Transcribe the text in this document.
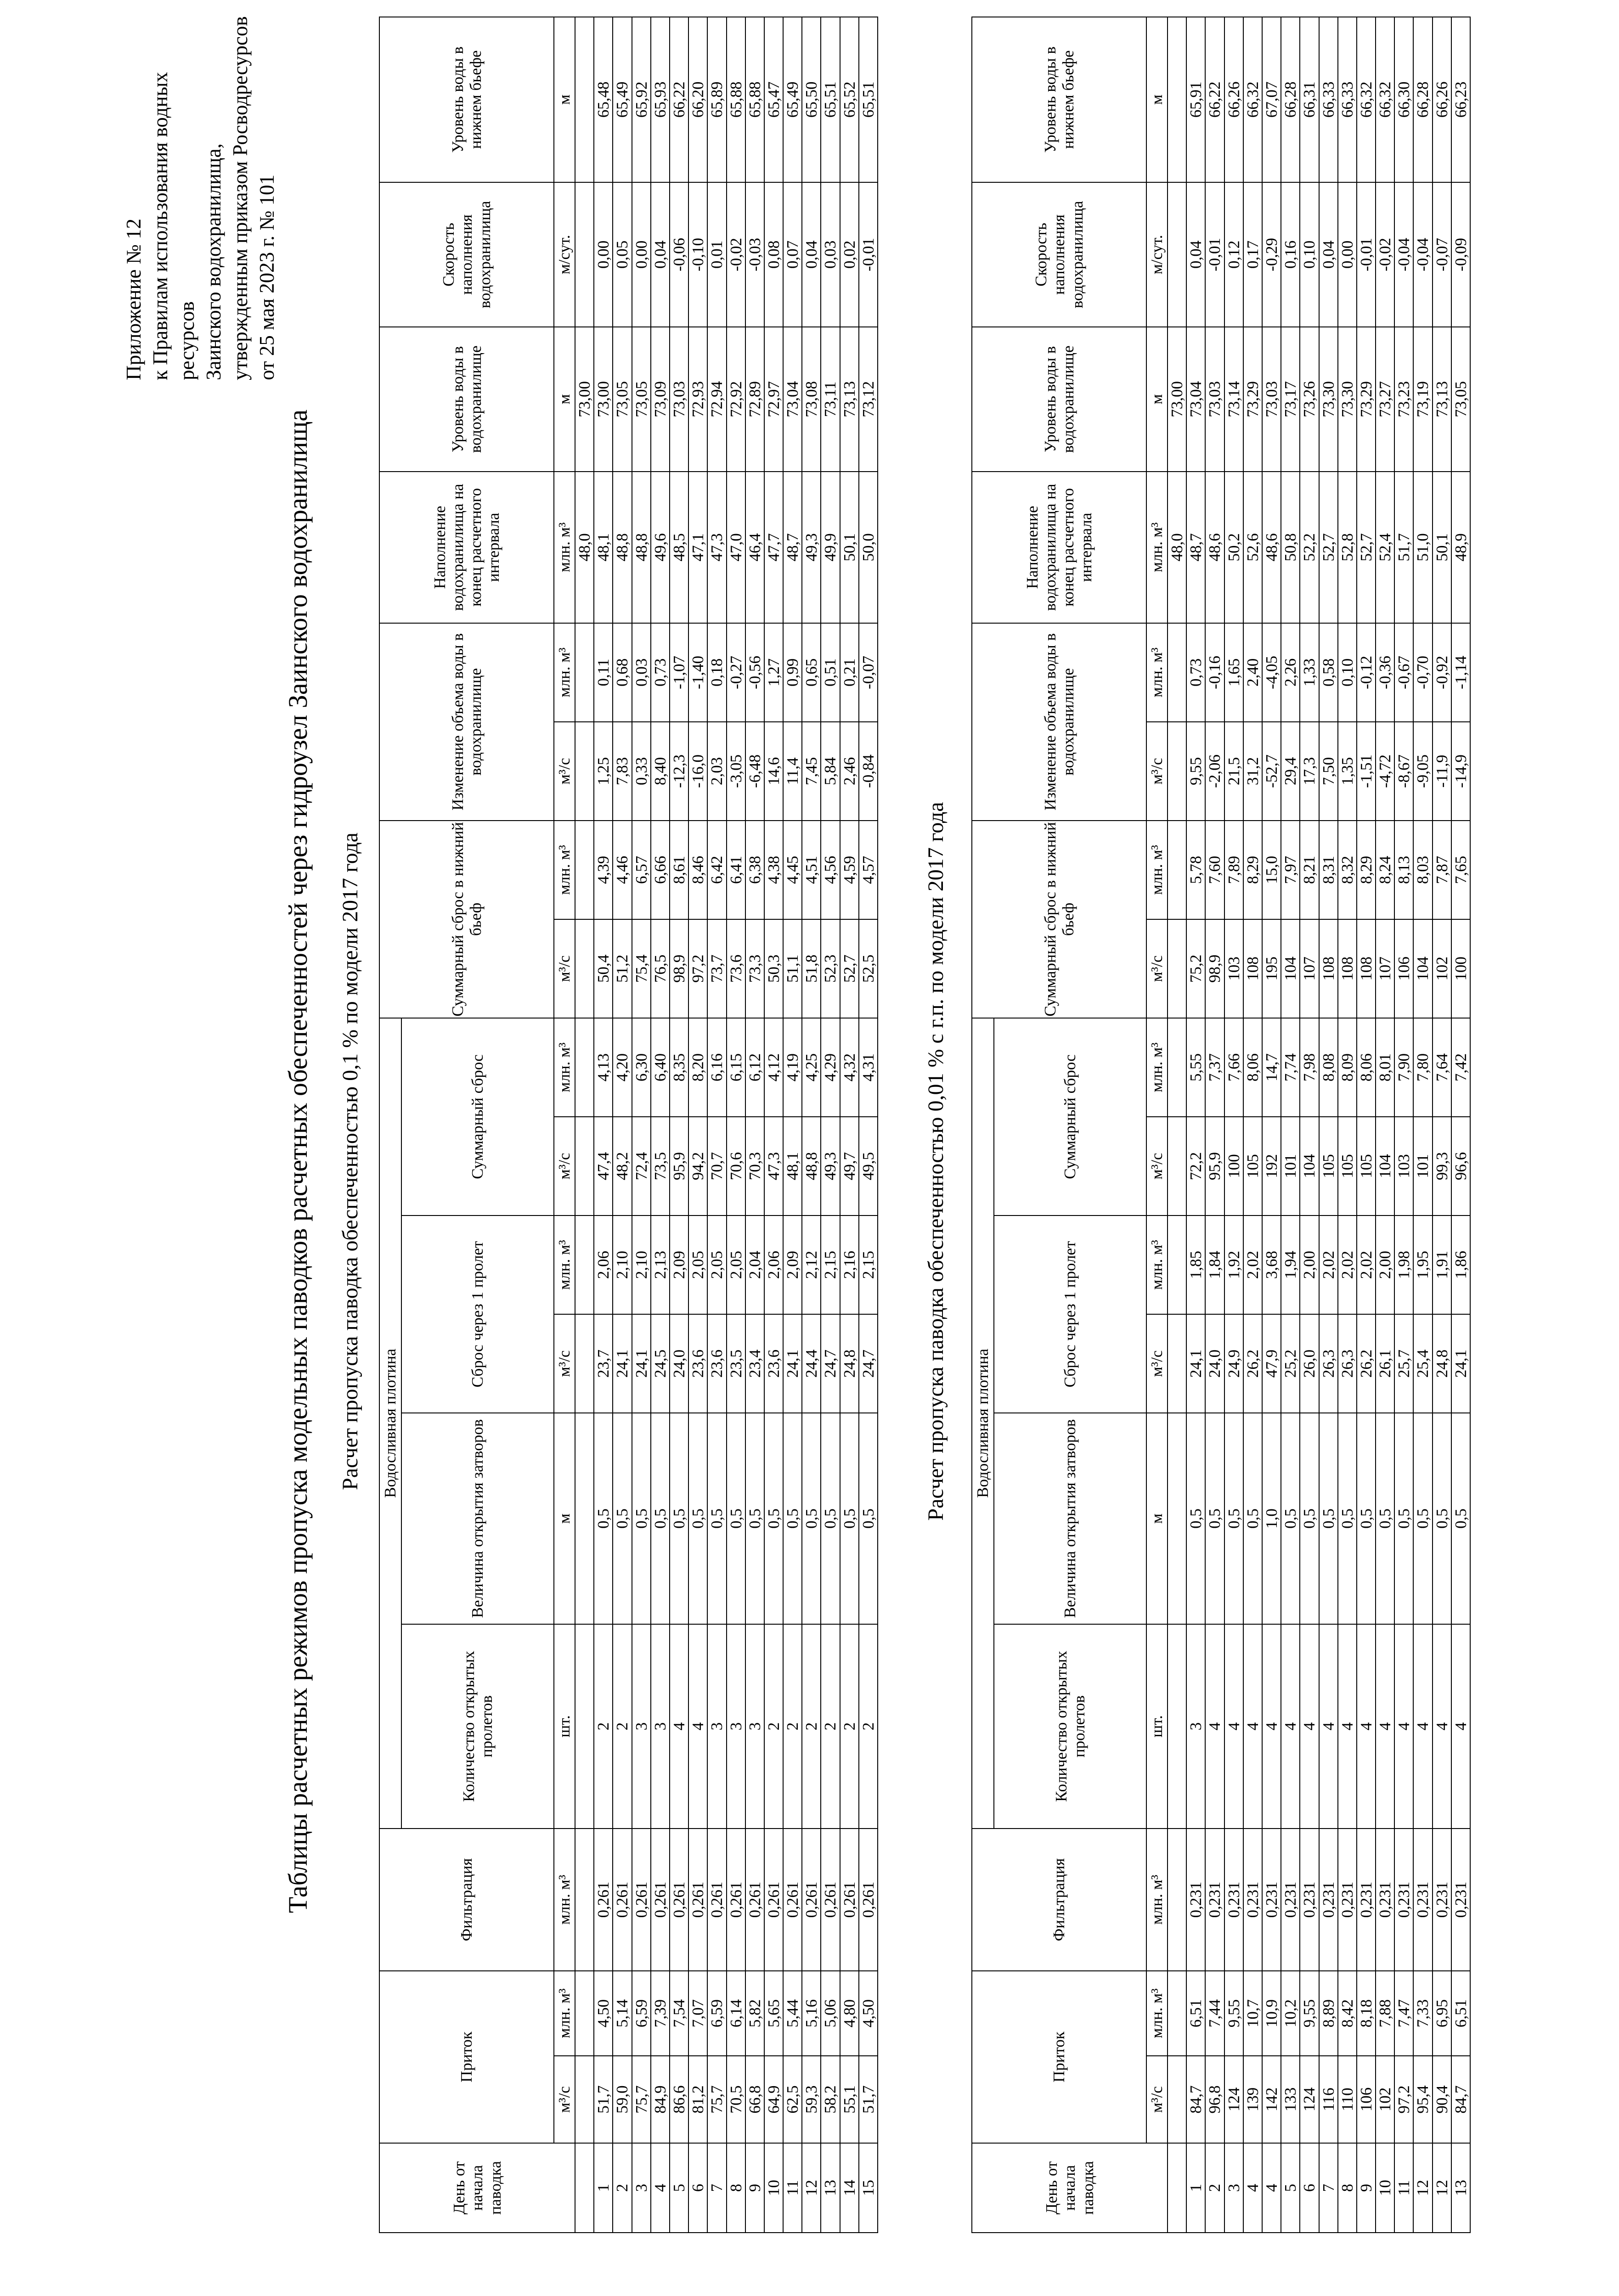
Приложение № 12 к Правилам использования водных ресурсов Заинского водохранилища, утвержденным приказом Росводресурсов от 25 мая 2023 г. № 101
Таблицы расчетных режимов пропуска модельных паводков расчетных обеспеченностей через гидроузел Заинского водохранилища Расчет пропуска паводка обеспеченностью 0,1 % по модели 2017 года
День от начала паводка	Приток		Фильтрация	Водосливная плотина						Суммарный сброс в нижний бьеф		Изменение объема воды в водохранилище		Наполнение водохранилища на конец расчетного интервала	Уровень воды в водохранилище	Скорость наполнения водохранилища	Уровень воды в нижнем бьефе
				Количество открытых пролетов	Величина открытия затворов	Сброс через 1 пролет		Суммарный сброс									
	м³/с	млн. м³	млн. м³	шт.	м	м³/с	млн. м³	м³/с	млн. м³	м³/с	млн. м³	м³/с	млн. м³	млн. м³	м	м/сут.	м
														48,0	73,00		
1	51,7	4,50	0,261	2	0,5	23,7	2,06	47,4	4,13	50,4	4,39	1,25	0,11	48,1	73,00	0,00	65,48
2	59,0	5,14	0,261	2	0,5	24,1	2,10	48,2	4,20	51,2	4,46	7,83	0,68	48,8	73,05	0,05	65,49
3	75,7	6,59	0,261	3	0,5	24,1	2,10	72,4	6,30	75,4	6,57	0,33	0,03	48,8	73,05	0,00	65,92
4	84,9	7,39	0,261	3	0,5	24,5	2,13	73,5	6,40	76,5	6,66	8,40	0,73	49,6	73,09	0,04	65,93
5	86,6	7,54	0,261	4	0,5	24,0	2,09	95,9	8,35	98,9	8,61	-12,3	-1,07	48,5	73,03	-0,06	66,22
6	81,2	7,07	0,261	4	0,5	23,6	2,05	94,2	8,20	97,2	8,46	-16,0	-1,40	47,1	72,93	-0,10	66,20
7	75,7	6,59	0,261	3	0,5	23,6	2,05	70,7	6,16	73,7	6,42	2,03	0,18	47,3	72,94	0,01	65,89
8	70,5	6,14	0,261	3	0,5	23,5	2,05	70,6	6,15	73,6	6,41	-3,05	-0,27	47,0	72,92	-0,02	65,88
9	66,8	5,82	0,261	3	0,5	23,4	2,04	70,3	6,12	73,3	6,38	-6,48	-0,56	46,4	72,89	-0,03	65,88
10	64,9	5,65	0,261	2	0,5	23,6	2,06	47,3	4,12	50,3	4,38	14,6	1,27	47,7	72,97	0,08	65,47
11	62,5	5,44	0,261	2	0,5	24,1	2,09	48,1	4,19	51,1	4,45	11,4	0,99	48,7	73,04	0,07	65,49
12	59,3	5,16	0,261	2	0,5	24,4	2,12	48,8	4,25	51,8	4,51	7,45	0,65	49,3	73,08	0,04	65,50
13	58,2	5,06	0,261	2	0,5	24,7	2,15	49,3	4,29	52,3	4,56	5,84	0,51	49,9	73,11	0,03	65,51
14	55,1	4,80	0,261	2	0,5	24,8	2,16	49,7	4,32	52,7	4,59	2,46	0,21	50,1	73,13	0,02	65,52
15	51,7	4,50	0,261	2	0,5	24,7	2,15	49,5	4,31	52,5	4,57	-0,84	-0,07	50,0	73,12	-0,01	65,51
Расчет пропуска паводка обеспеченностью 0,01 % с г.п. по модели 2017 года
День от начала паводка	Приток		Фильтрация	Водосливная плотина						Суммарный сброс в нижний бьеф		Изменение объема воды в водохранилище		Наполнение водохранилища на конец расчетного интервала	Уровень воды в водохранилище	Скорость наполнения водохранилища	Уровень воды в нижнем бьефе
				Количество открытых пролетов	Величина открытия затворов	Сброс через 1 пролет		Суммарный сброс									
	м³/с	млн. м³	млн. м³	шт.	м	м³/с	млн. м³	м³/с	млн. м³	м³/с	млн. м³	м³/с	млн. м³	млн. м³	м	м/сут.	м
														48,0	73,00		
1	84,7	6,51	0,231	3	0,5	24,1	1,85	72,2	5,55	75,2	5,78	9,55	0,73	48,7	73,04	0,04	65,91
2	96,8	7,44	0,231	4	0,5	24,0	1,84	95,9	7,37	98,9	7,60	-2,06	-0,16	48,6	73,03	-0,01	66,22
3	124	9,55	0,231	4	0,5	24,9	1,92	100	7,66	103	7,89	21,5	1,65	50,2	73,14	0,12	66,26
4	139	10,7	0,231	4	0,5	26,2	2,02	105	8,06	108	8,29	31,2	2,40	52,6	73,29	0,17	66,32
4	142	10,9	0,231	4	1,0	47,9	3,68	192	14,7	195	15,0	-52,7	-4,05	48,6	73,03	-0,29	67,07
5	133	10,2	0,231	4	0,5	25,2	1,94	101	7,74	104	7,97	29,4	2,26	50,8	73,17	0,16	66,28
6	124	9,55	0,231	4	0,5	26,0	2,00	104	7,98	107	8,21	17,3	1,33	52,2	73,26	0,10	66,31
7	116	8,89	0,231	4	0,5	26,3	2,02	105	8,08	108	8,31	7,50	0,58	52,7	73,30	0,04	66,33
8	110	8,42	0,231	4	0,5	26,3	2,02	105	8,09	108	8,32	1,35	0,10	52,8	73,30	0,00	66,33
9	106	8,18	0,231	4	0,5	26,2	2,02	105	8,06	108	8,29	-1,51	-0,12	52,7	73,29	-0,01	66,32
10	102	7,88	0,231	4	0,5	26,1	2,00	104	8,01	107	8,24	-4,72	-0,36	52,4	73,27	-0,02	66,32
11	97,2	7,47	0,231	4	0,5	25,7	1,98	103	7,90	106	8,13	-8,67	-0,67	51,7	73,23	-0,04	66,30
12	95,4	7,33	0,231	4	0,5	25,4	1,95	101	7,80	104	8,03	-9,05	-0,70	51,0	73,19	-0,04	66,28
12	90,4	6,95	0,231	4	0,5	24,8	1,91	99,3	7,64	102	7,87	-11,9	-0,92	50,1	73,13	-0,07	66,26
13	84,7	6,51	0,231	4	0,5	24,1	1,86	96,6	7,42	100	7,65	-14,9	-1,14	48,9	73,05	-0,09	66,23
